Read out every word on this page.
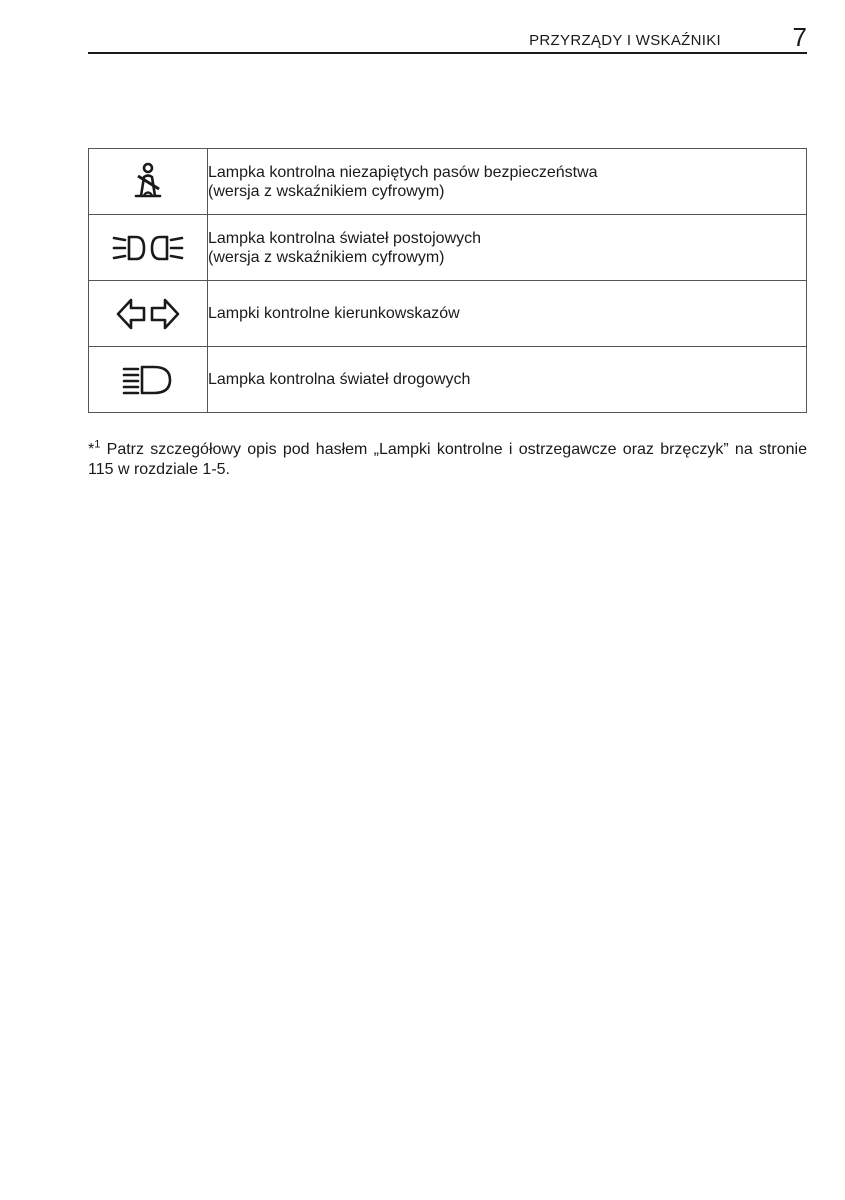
PRZYRZĄDY I WSKAŹNIKI	7

Lampka kontrolna niezapiętych pasów bezpieczeństwa
(wersja z wskaźnikiem cyfrowym)

Lampka kontrolna świateł postojowych
(wersja z wskaźnikiem cyfrowym)

Lampki kontrolne kierunkowskazów

Lampka kontrolna świateł drogowych
*$^1$ Patrz szczegółowy opis pod hasłem „Lampki kontrolne i ostrzegawcze oraz brzęczyk” na stronie 115 w rozdziale 1-5.
